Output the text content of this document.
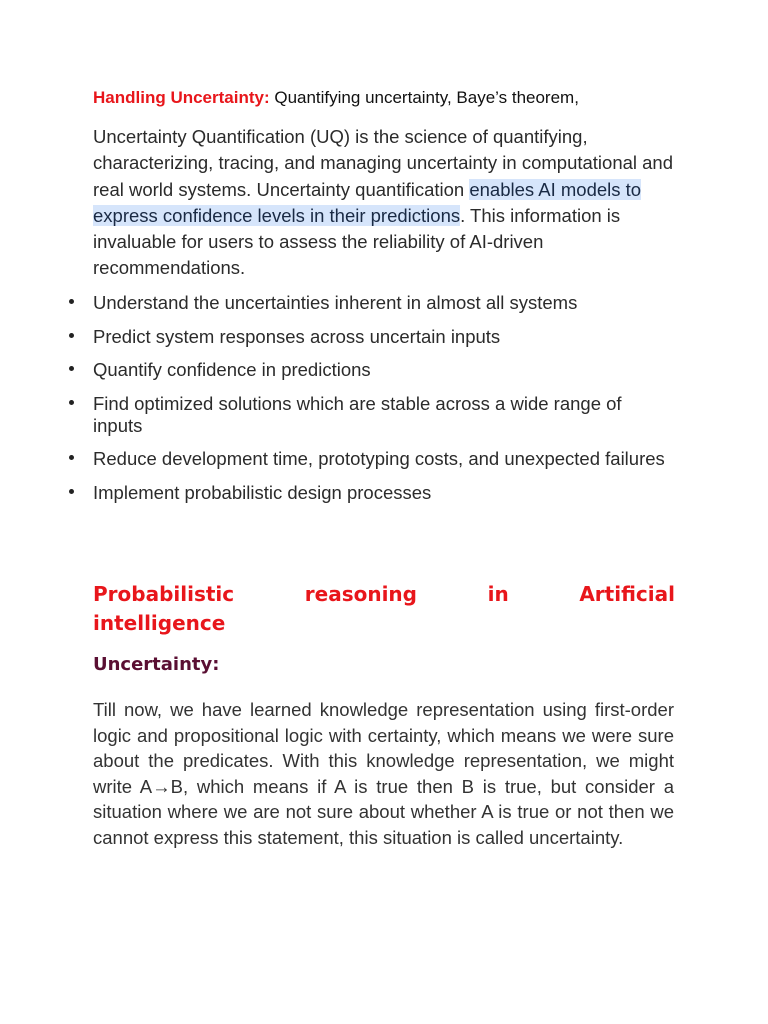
Handling Uncertainty: Quantifying uncertainty, Baye’s theorem,

Uncertainty Quantification (UQ) is the science of quantifying, characterizing, tracing, and managing uncertainty in computational and real world systems. Uncertainty quantification enables AI models to express confidence levels in their predictions. This information is invaluable for users to assess the reliability of AI-driven recommendations.

Understand the uncertainties inherent in almost all systems
Predict system responses across uncertain inputs
Quantify confidence in predictions
Find optimized solutions which are stable across a wide range of inputs
Reduce development time, prototyping costs, and unexpected failures
Implement probabilistic design processes
Probabilistic	reasoning	in	Artificial
intelligence
Uncertainty:

Till now, we have learned knowledge representation using first-order logic and propositional logic with certainty, which means we were sure about the predicates. With this knowledge representation, we might write A→B, which means if A is true then B is true, but consider a situation where we are not sure about whether A is true or not then we cannot express this statement, this situation is called uncertainty.
